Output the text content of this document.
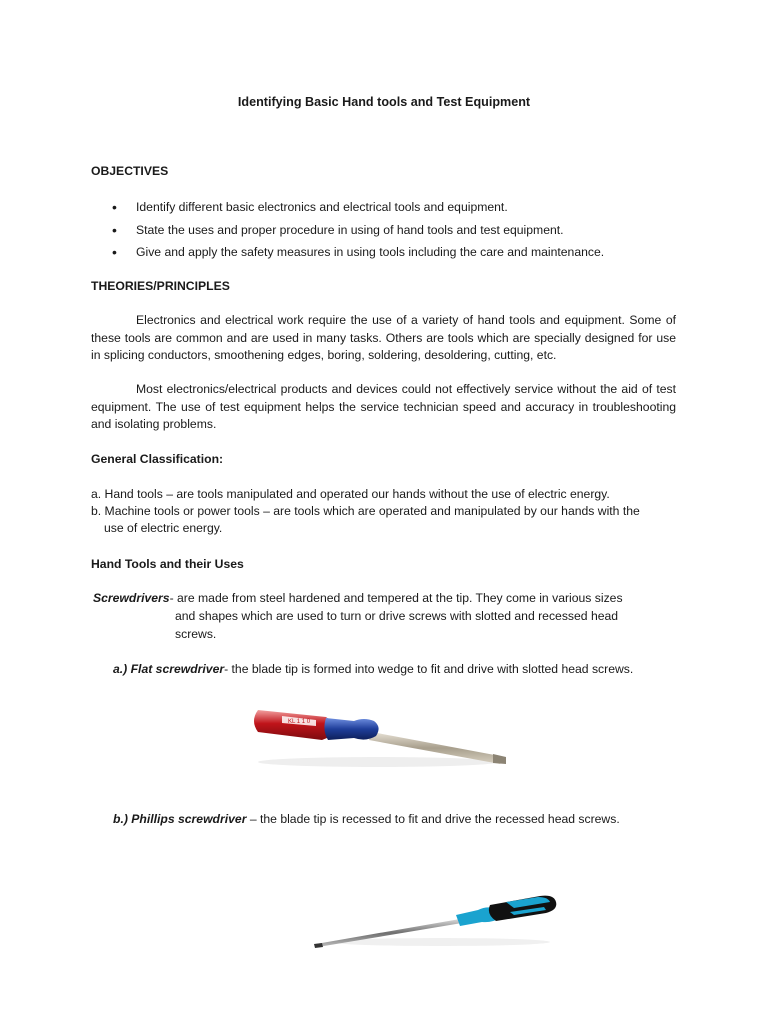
Identifying Basic Hand tools and Test Equipment
OBJECTIVES
• Identify different basic electronics and electrical tools and equipment.
• State the uses and proper procedure in using of hand tools and test equipment.
• Give and apply the safety measures in using tools including the care and maintenance.
THEORIES/PRINCIPLES
Electronics and electrical work require the use of a variety of hand tools and equipment. Some of these tools are common and are used in many tasks. Others are tools which are specially designed for use in splicing conductors, smoothening edges, boring, soldering, desoldering, cutting, etc.
Most electronics/electrical products and devices could not effectively service without the aid of test equipment. The use of test equipment helps the service technician speed and accuracy in troubleshooting and isolating problems.
General Classification:
a. Hand tools – are tools manipulated and operated our hands without the use of electric energy.
b. Machine tools or power tools – are tools which are operated and manipulated by our hands with the
use of electric energy.
Hand Tools and their Uses
Screwdrivers- are made from steel hardened and tempered at the tip. They come in various sizes
and shapes which are used to turn or drive screws with slotted and recessed head
screws.
a.) Flat screwdriver- the blade tip is formed into wedge to fit and drive with slotted head screws.
KL 1 1 0
b.) Phillips screwdriver – the blade tip is recessed to fit and drive the recessed head screws.
